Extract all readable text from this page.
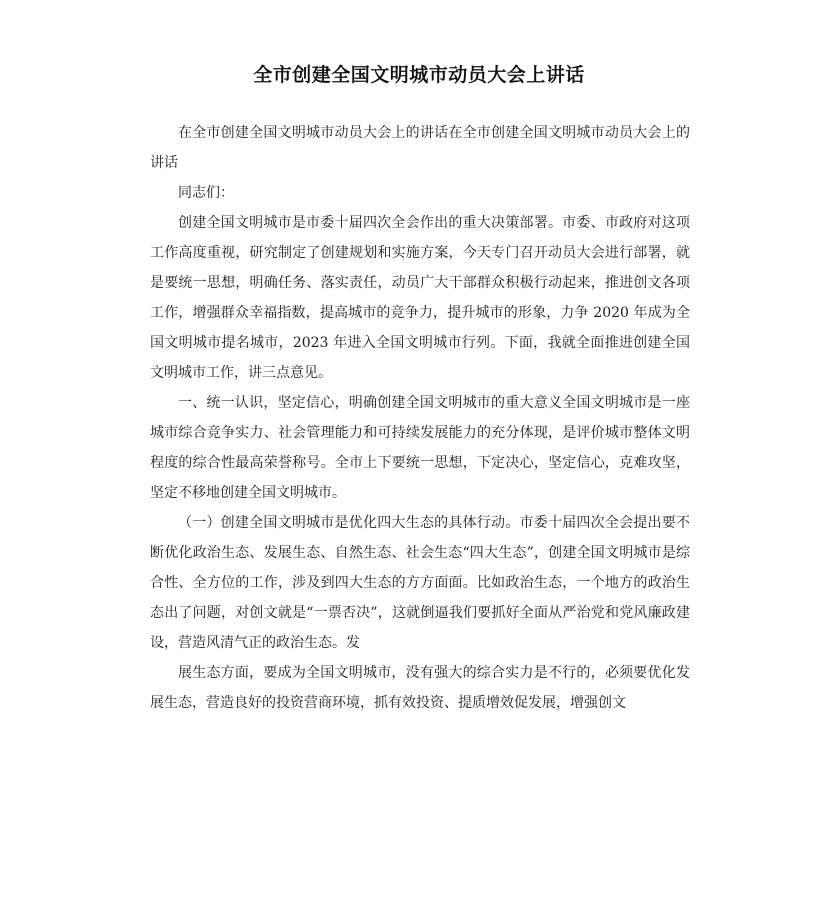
全市创建全国文明城市动员大会上讲话

在全市创建全国文明城市动员大会上的讲话在全市创建全国文明城市动员大会上的讲话

同志们：

创建全国文明城市是市委十届四次全会作出的重大决策部署。市委、市政府对这项工作高度重视，研究制定了创建规划和实施方案，今天专门召开动员大会进行部署，就是要统一思想，明确任务、落实责任，动员广大干部群众积极行动起来，推进创文各项工作，增强群众幸福指数，提高城市的竞争力，提升城市的形象，力争 2020 年成为全国文明城市提名城市，2023 年进入全国文明城市行列。下面，我就全面推进创建全国文明城市工作，讲三点意见。

一、统一认识，坚定信心，明确创建全国文明城市的重大意义全国文明城市是一座城市综合竞争实力、社会管理能力和可持续发展能力的充分体现，是评价城市整体文明程度的综合性最高荣誉称号。全市上下要统一思想，下定决心，坚定信心，克难攻坚，坚定不移地创建全国文明城市。

（一）创建全国文明城市是优化四大生态的具体行动。市委十届四次全会提出要不断优化政治生态、发展生态、自然生态、社会生态“四大生态”，创建全国文明城市是综合性、全方位的工作，涉及到四大生态的方方面面。比如政治生态，一个地方的政治生态出了问题，对创文就是“一票否决”，这就倒逼我们要抓好全面从严治党和党风廉政建设，营造风清气正的政治生态。发

展生态方面，要成为全国文明城市，没有强大的综合实力是不行的，必须要优化发展生态，营造良好的投资营商环境，抓有效投资、提质增效促发展，增强创文
